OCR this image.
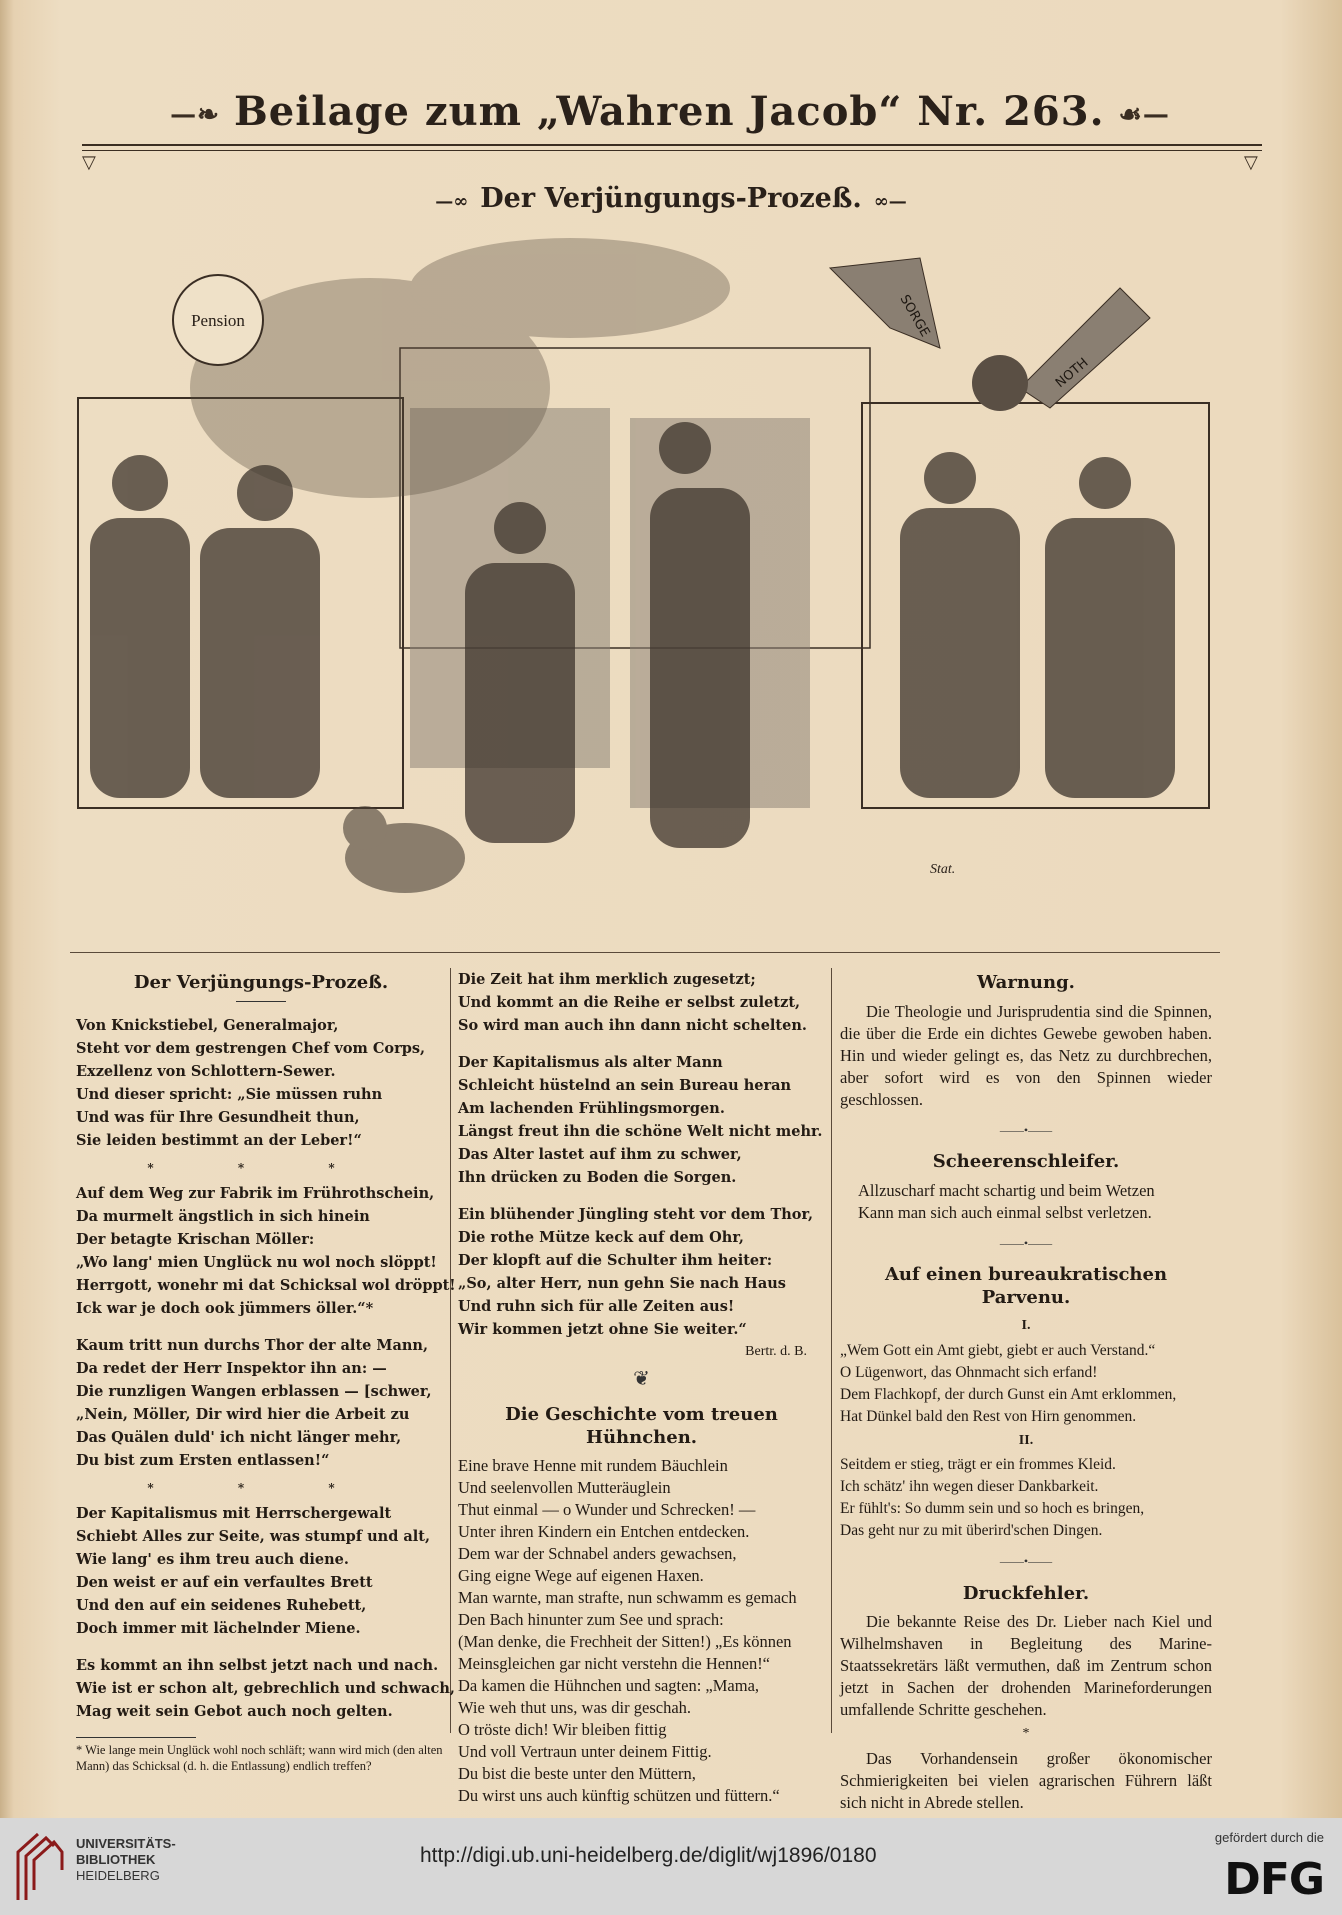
—❧ Beilage zum „Wahren Jacob“ Nr. 263. ☙—
▽	▽
—∞ Der Verjüngungs-Prozeß. ∞—
Pension	SORGE
NOTH
Stat.
Der Verjüngungs-Prozeß.
Von Knickstiebel, Generalmajor,
Steht vor dem gestrengen Chef vom Corps,
Exzellenz von Schlottern-Sewer.
Und dieser spricht: „Sie müssen ruhn
Und was für Ihre Gesundheit thun,
Sie leiden bestimmt an der Leber!“
* * *
Auf dem Weg zur Fabrik im Frührothschein,
Da murmelt ängstlich in sich hinein
Der betagte Krischan Möller:
„Wo lang' mien Unglück nu wol noch slöppt!
Herrgott, wonehr mi dat Schicksal wol dröppt!
Ick war je doch ook jümmers öller.“*
Kaum tritt nun durchs Thor der alte Mann,
Da redet der Herr Inspektor ihn an: —
Die runzligen Wangen erblassen — [schwer,
„Nein, Möller, Dir wird hier die Arbeit zu
Das Quälen duld' ich nicht länger mehr,
Du bist zum Ersten entlassen!“
* * *
Der Kapitalismus mit Herrschergewalt
Schiebt Alles zur Seite, was stumpf und alt,
Wie lang' es ihm treu auch diene.
Den weist er auf ein verfaultes Brett
Und den auf ein seidenes Ruhebett,
Doch immer mit lächelnder Miene.
Es kommt an ihn selbst jetzt nach und nach.
Wie ist er schon alt, gebrechlich und schwach,
Mag weit sein Gebot auch noch gelten.
* Wie lange mein Unglück wohl noch schläft; wann wird mich (den alten Mann) das Schicksal (d. h. die Entlassung) endlich treffen?
Die Zeit hat ihm merklich zugesetzt;
Und kommt an die Reihe er selbst zuletzt,
So wird man auch ihn dann nicht schelten.
Der Kapitalismus als alter Mann
Schleicht hüstelnd an sein Bureau heran
Am lachenden Frühlingsmorgen.
Längst freut ihn die schöne Welt nicht mehr.
Das Alter lastet auf ihm zu schwer,
Ihn drücken zu Boden die Sorgen.
Ein blühender Jüngling steht vor dem Thor,
Die rothe Mütze keck auf dem Ohr,
Der klopft auf die Schulter ihm heiter:
„So, alter Herr, nun gehn Sie nach Haus
Und ruhn sich für alle Zeiten aus!
Wir kommen jetzt ohne Sie weiter.“
Bertr. d. B.
❦
Die Geschichte vom treuen Hühnchen.
Eine brave Henne mit rundem Bäuchlein
Und seelenvollen Mutteräuglein
Thut einmal — o Wunder und Schrecken! —
Unter ihren Kindern ein Entchen entdecken.
Dem war der Schnabel anders gewachsen,
Ging eigne Wege auf eigenen Haxen.
Man warnte, man strafte, nun schwamm es gemach
Den Bach hinunter zum See und sprach:
(Man denke, die Frechheit der Sitten!) „Es können
Meinsgleichen gar nicht verstehn die Hennen!“
Da kamen die Hühnchen und sagten: „Mama,
Wie weh thut uns, was dir geschah.
O tröste dich! Wir bleiben fittig
Und voll Vertraun unter deinem Fittig.
Du bist die beste unter den Müttern,
Du wirst uns auch künftig schützen und füttern.“
Warnung.
Die Theologie und Jurisprudentia sind die Spinnen, die über die Erde ein dichtes Gewebe gewoben haben. Hin und wieder gelingt es, das Netz zu durchbrechen, aber sofort wird es von den Spinnen wieder geschlossen.
——•——
Scheerenschleifer.
Allzuscharf macht schartig und beim Wetzen
Kann man sich auch einmal selbst verletzen.
——•——
Auf einen bureaukratischen Parvenu.
I.
„Wem Gott ein Amt giebt, giebt er auch Verstand.“
O Lügenwort, das Ohnmacht sich erfand!
Dem Flachkopf, der durch Gunst ein Amt erklommen,
Hat Dünkel bald den Rest von Hirn genommen.
II.
Seitdem er stieg, trägt er ein frommes Kleid.
Ich schätz' ihn wegen dieser Dankbarkeit.
Er fühlt's: So dumm sein und so hoch es bringen,
Das geht nur zu mit überird'schen Dingen.
——•——
Druckfehler.
Die bekannte Reise des Dr. Lieber nach Kiel und Wilhelmshaven in Begleitung des Marine-Staatssekretärs läßt vermuthen, daß im Zentrum schon jetzt in Sachen der drohenden Marineforderungen umfallende Schritte geschehen.
*
Das Vorhandensein großer ökonomischer Schmierigkeiten bei vielen agrarischen Führern läßt sich nicht in Abrede stellen.
UNIVERSITÄTS-
BIBLIOTHEK
HEIDELBERG
http://digi.ub.uni-heidelberg.de/diglit/wj1896/0180
gefördert durch die
DFG
